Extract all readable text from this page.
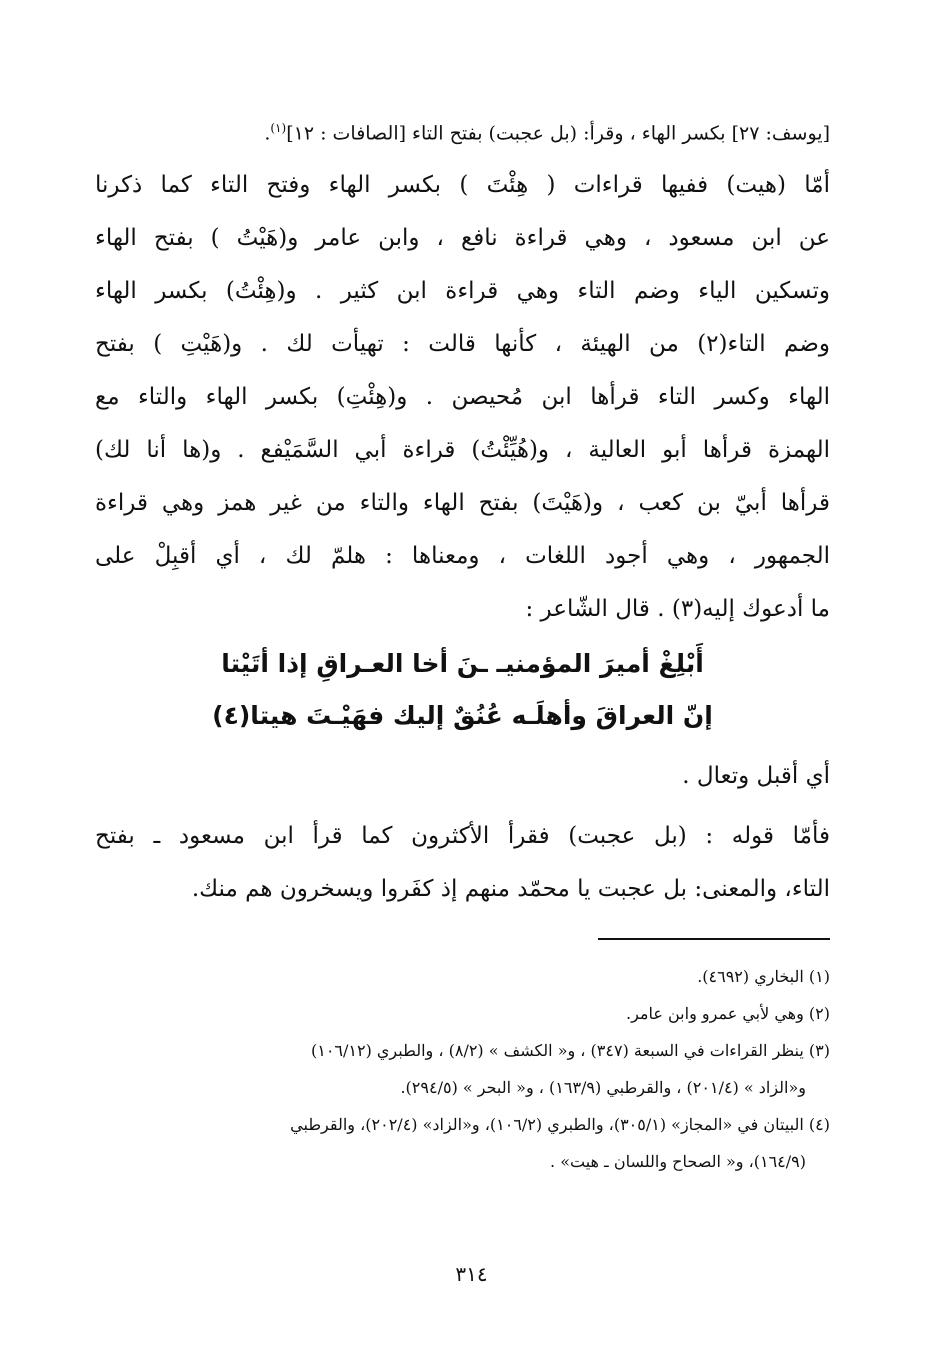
[يوسف: ٢٧] بكسر الهاء ، وقرأ: (بل عجبت) بفتح التاء [الصافات : ١٢]$^{(١)}$.

أمّا (هيت) ففيها قراءات ( هِئْتَ ) بكسر الهاء وفتح التاء كما ذكرنا
عن ابن مسعود ، وهي قراءة نافع ، وابن عامر و(هَيْتُ ) بفتح الهاء
وتسكين الياء وضم التاء وهي قراءة ابن كثير . و(هِئْتُ) بكسر الهاء
وضم التاء(٢) من الهيئة ، كأنها قالت : تهيأت لك . و(هَيْتِ ) بفتح
الهاء وكسر التاء قرأها ابن مُحيصن . و(هِئْتِ) بكسر الهاء والتاء مع
الهمزة قرأها أبو العالية ، و(هُيِّئْتُ) قراءة أبي السَّمَيْفع . و(ها أنا لك)
قرأها أبيّ بن كعب ، و(هَيْتَ) بفتح الهاء والتاء من غير همز وهي قراءة
الجمهور ، وهي أجود اللغات ، ومعناها : هلمّ لك ، أي أقبِلْ على
ما أدعوك إليه(٣) . قال الشّاعر :

أَبْلِغْ أميرَ المؤمنيـ ـنَ أخا العـراقِ إذا أتَيْتا
إنّ العراقَ وأهلَـه عُنُقٌ إليك فهَيْـتَ هيتا(٤)

أي أقبل وتعال .

فأمّا قوله : (بل عجبت) فقرأ الأكثرون كما قرأ ابن مسعود ـ بفتح
التاء، والمعنى: بل عجبت يا محمّد منهم إذ كفَروا ويسخرون هم منك.

(١) البخاري (٤٦٩٢).
(٢) وهي لأبي عمرو وابن عامر.
(٣) ينظر القراءات في السبعة (٣٤٧) ، و« الكشف » (٨/٢) ، والطبري (١٠٦/١٢)
و«الزاد » (٢٠١/٤) ، والقرطبي (١٦٣/٩) ، و« البحر » (٢٩٤/٥).
(٤) البيتان في «المجاز» (٣٠٥/١)، والطبري (١٠٦/٢)، و«الزاد» (٢٠٢/٤)، والقرطبي
(١٦٤/٩)، و« الصحاح واللسان ـ هيت» .
٣١٤
